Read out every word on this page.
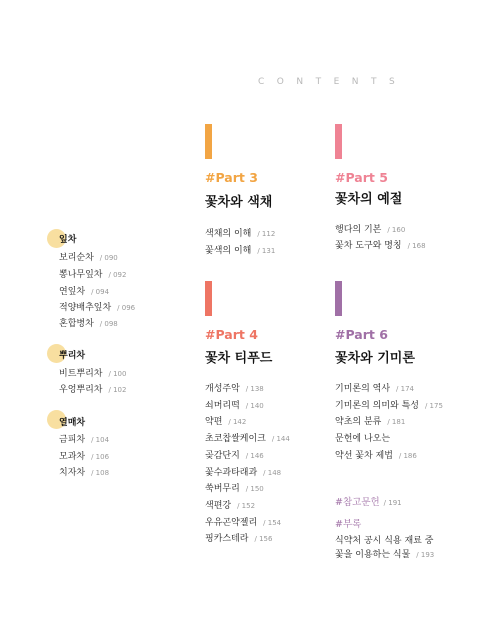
CONTENTS
잎차
보리순차 / 090
뽕나무잎차 / 092
연잎차 / 094
적양배추잎차 / 096
혼합병차 / 098
뿌리차
비트뿌리차 / 100
우엉뿌리차 / 102
열매차
금피차 / 104
모과차 / 106
치자차 / 108
#Part 3
꽃차와 색채
색채의 이해 / 112
꽃색의 이해 / 131
#Part 4
꽃차 티푸드
개성주악 / 138
쇠머리떡 / 140
약편 / 142
초코찹쌀케이크 / 144
곶감단지 / 146
꽃수과타래과 / 148
쑥버무리 / 150
색편강 / 152
우유곤약젤리 / 154
핑카스테라 / 156
#Part 5
꽃차의 예절
행다의 기본 / 160
꽃차 도구와 명칭 / 168
#Part 6
꽃차와 기미론
기미론의 역사 / 174
기미론의 의미와 특성 / 175
약초의 분류 / 181
문헌에 나오는
약선 꽃차 제법 / 186
#참고문헌 / 191
#부록
식약처 공시 식용 재료 중
꽃을 이용하는 식물 / 193
